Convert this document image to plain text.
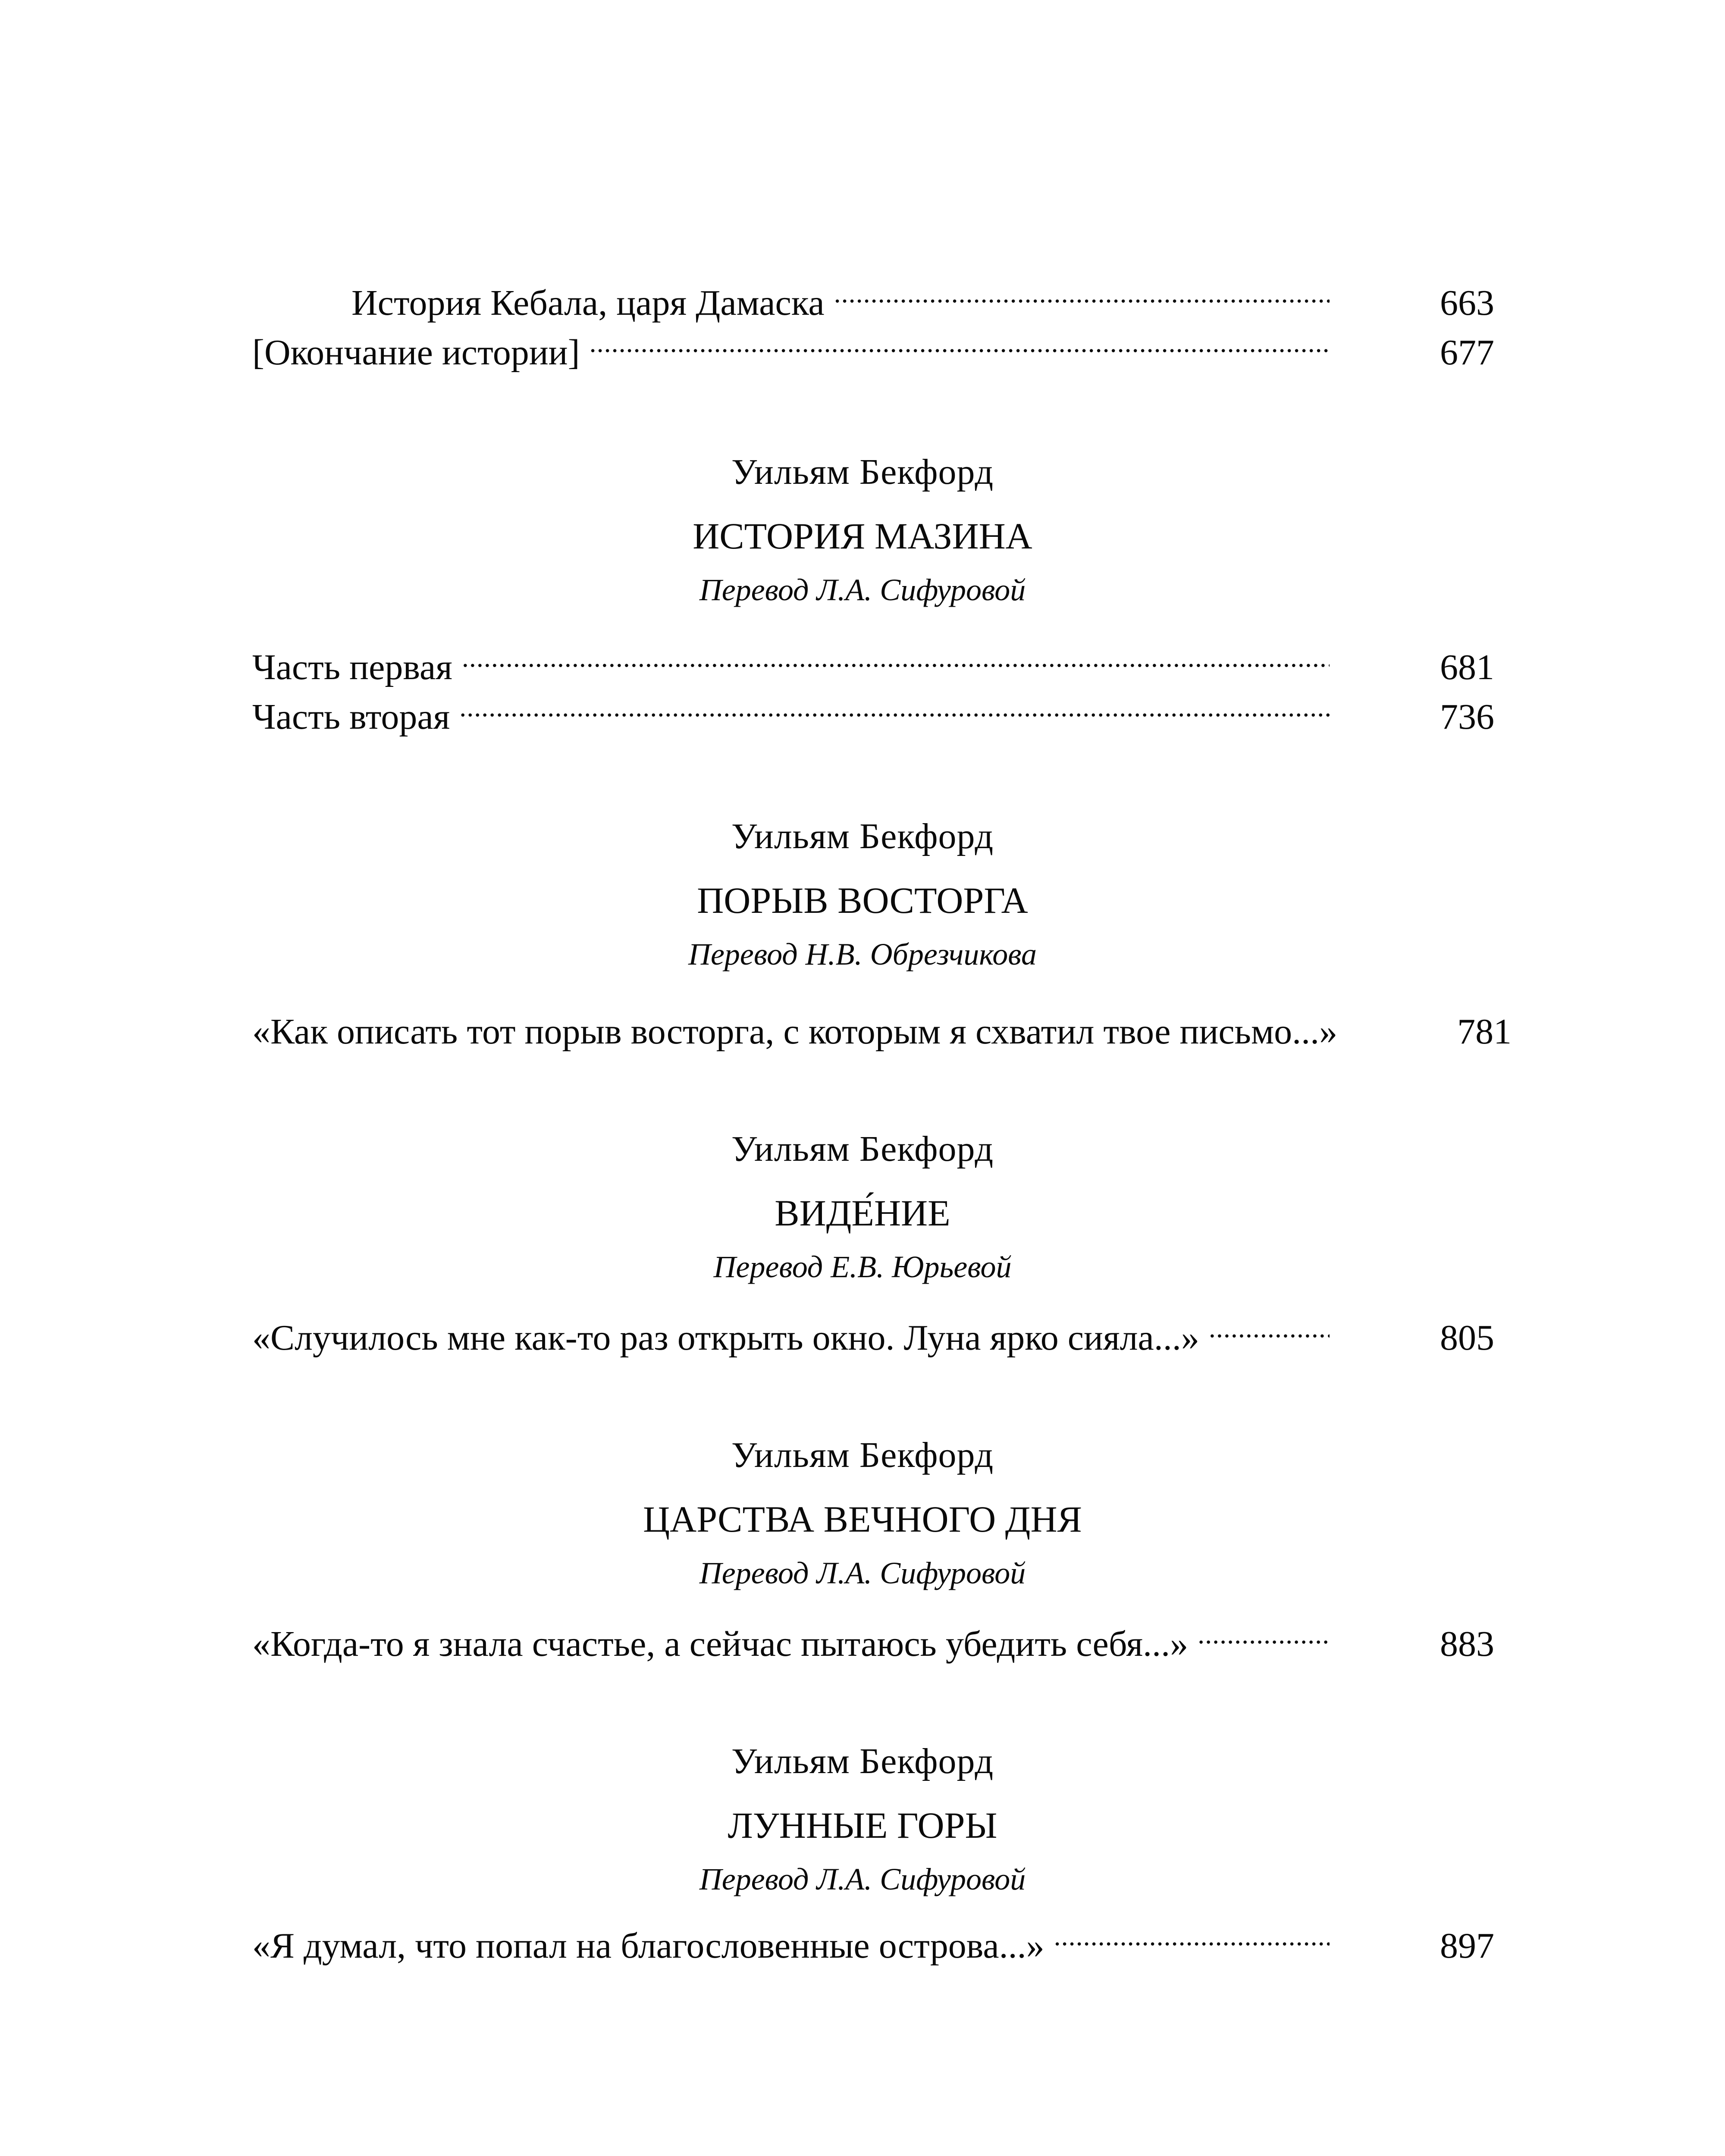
История Кебала, царя Дамаска .....	663
[Окончание истории] .....	677
Уильям Бекфорд
ИСТОРИЯ МАЗИНА
Перевод Л.А. Сифуровой
Часть первая .....	681
Часть вторая .....	736
Уильям Бекфорд
ПОРЫВ ВОСТОРГА
Перевод Н.В. Обрезчикова
«Как описать тот порыв восторга, с которым я схватил твое письмо...»	781
Уильям Бекфорд
ВИДЕ́НИЕ
Перевод Е.В. Юрьевой
«Случилось мне как-то раз открыть окно. Луна ярко сияла...» .....	805
Уильям Бекфорд
ЦАРСТВА ВЕЧНОГО ДНЯ
Перевод Л.А. Сифуровой
«Когда-то я знала счастье, а сейчас пытаюсь убедить себя...» .....	883
Уильям Бекфорд
ЛУННЫЕ ГОРЫ
Перевод Л.А. Сифуровой
«Я думал, что попал на благословенные острова...» .....	897
